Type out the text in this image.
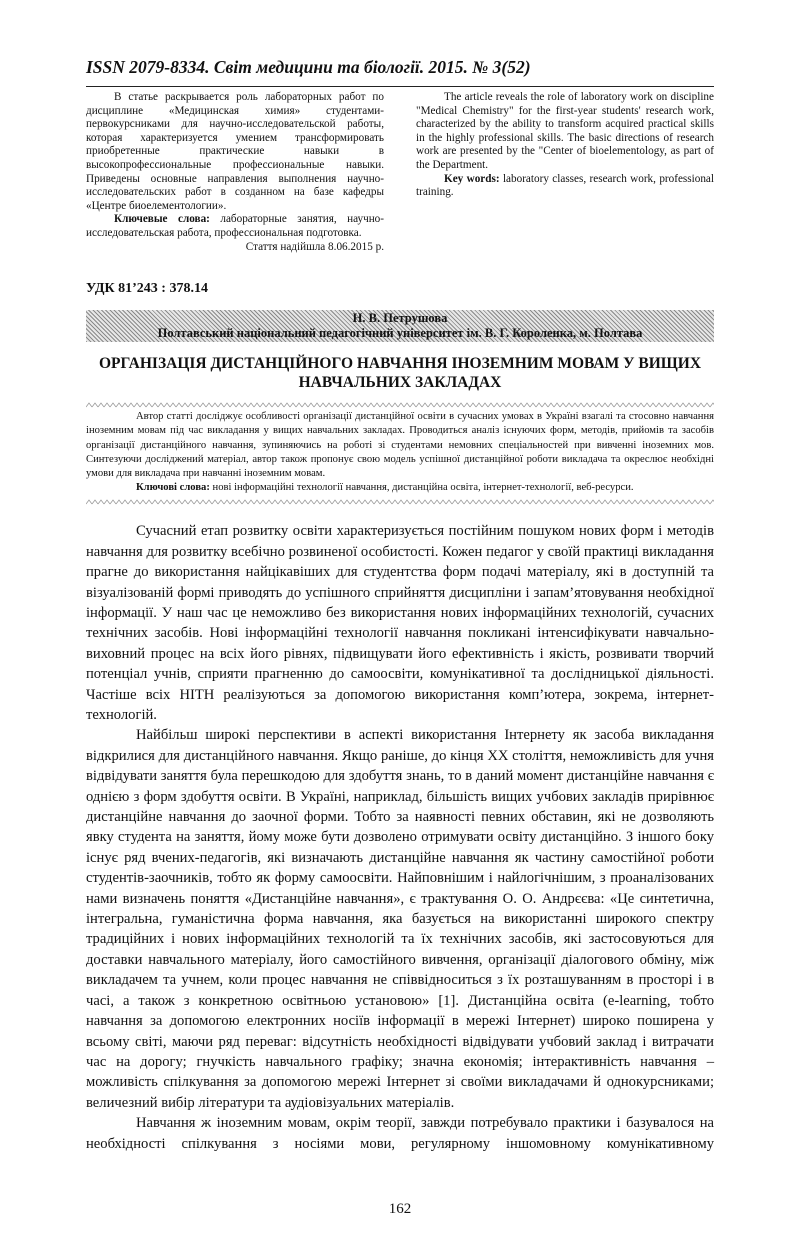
ISSN 2079-8334. Світ медицини та біології. 2015. № 3(52)

В статье раскрывается роль лабораторных работ по дисциплине «Медицинская химия» студентами-первокурсниками для научно-исследовательской работы, которая характеризуется умением трансформировать приобретенные практические навыки в высокопрофессиональные профессиональные навыки. Приведены основные направления выполнения научно-исследовательских работ в созданном на базе кафедры «Центре биоелементологии».

Ключевые слова: лабораторные занятия, научно-исследовательская работа, профессиональная подготовка.

Стаття надійшла 8.06.2015 р.

The article reveals the role of laboratory work on discipline "Medical Chemistry" for the first-year students' research work, characterized by the ability to transform acquired practical skills in the highly professional skills. The basic directions of research work are presented by the "Center of bioelementology, as part of the Department.

Key words: laboratory classes, research work, professional training.

УДК 81’243 : 378.14
Н. В. Петрушова
Полтавський національний педагогічний університет ім. В. Г. Короленка, м. Полтава
ОРГАНІЗАЦІЯ ДИСТАНЦІЙНОГО НАВЧАННЯ ІНОЗЕМНИМ МОВАМ У ВИЩИХ НАВЧАЛЬНИХ ЗАКЛАДАХ

Автор статті досліджує особливості організації дистанційної освіти в сучасних умовах в Україні взагалі та стосовно навчання іноземним мовам під час викладання у вищих навчальних закладах. Проводиться аналіз існуючих форм, методів, прийомів та засобів організації дистанційного навчання, зупиняючись на роботі зі студентами немовних спеціальностей при вивченні іноземних мов. Синтезуючи досліджений матеріал, автор також пропонує свою модель успішної дистанційної роботи викладача та окреслює необхідні умови для викладача при навчанні іноземним мовам.

Ключові слова: нові інформаційні технології навчання, дистанційна освіта, інтернет-технології, веб-ресурси.

Сучасний етап розвитку освіти характеризується постійним пошуком нових форм і методів навчання для розвитку всебічно розвиненої особистості. Кожен педагог у своїй практиці викладання прагне до використання найцікавіших для студентства форм подачі матеріалу, які в доступній та візуалізованій формі приводять до успішного сприйняття дисципліни і запам’ятовування необхідної інформації. У наш час це неможливо без використання нових інформаційних технологій, сучасних технічних засобів. Нові інформаційні технології навчання покликані інтенсифікувати навчально-виховний процес на всіх його рівнях, підвищувати його ефективність і якість, розвивати творчий потенціал учнів, сприяти прагненню до самоосвіти, комунікативної та дослідницької діяльності. Частіше всіх НІТН реалізуються за допомогою використання комп’ютера, зокрема, інтернет-технологій.

Найбільш широкі перспективи в аспекті використання Інтернету як засоба викладання відкрилися для дистанційного навчання. Якщо раніше, до кінця XX століття, неможливість для учня відвідувати заняття була перешкодою для здобуття знань, то в даний момент дистанційне навчання є однією з форм здобуття освіти. В Україні, наприклад, більшість вищих учбових закладів прирівнює дистанційне навчання до заочної форми. Тобто за наявності певних обставин, які не дозволяють явку студента на заняття, йому може бути дозволено отримувати освіту дистанційно. З іншого боку існує ряд вчених-педагогів, які визначають дистанційне навчання як частину самостійної роботи студентів-заочників, тобто як форму самоосвіти. Найповнішим і найлогічнішим, з проаналізованих нами визначень поняття «Дистанційне навчання», є трактування О. О. Андрєєва: «Це синтетична, інтегральна, гуманістична форма навчання, яка базується на використанні широкого спектру традиційних і нових інформаційних технологій та їх технічних засобів, які застосовуються для доставки навчального матеріалу, його самостійного вивчення, організації діалогового обміну, між викладачем та учнем, коли процес навчання не співвідноситься з їх розташуванням в просторі і в часі, а також з конкретною освітньою установою» [1]. Дистанційна освіта (e-learning, тобто навчання за допомогою електронних носіїв інформації в мережі Інтернет) широко поширена у всьому світі, маючи ряд переваг: відсутність необхідності відвідувати учбовий заклад і витрачати час на дорогу; гнучкість навчального графіку; значна економія; інтерактивність навчання – можливість спілкування за допомогою мережі Інтернет зі своїми викладачами й однокурсниками; величезний вибір літератури та аудіовізуальних матеріалів.

Навчання ж іноземним мовам, окрім теорії, завжди потребувало практики і базувалося на необхідності спілкування з носіями мови, регулярному іншомовному комунікативному

162
